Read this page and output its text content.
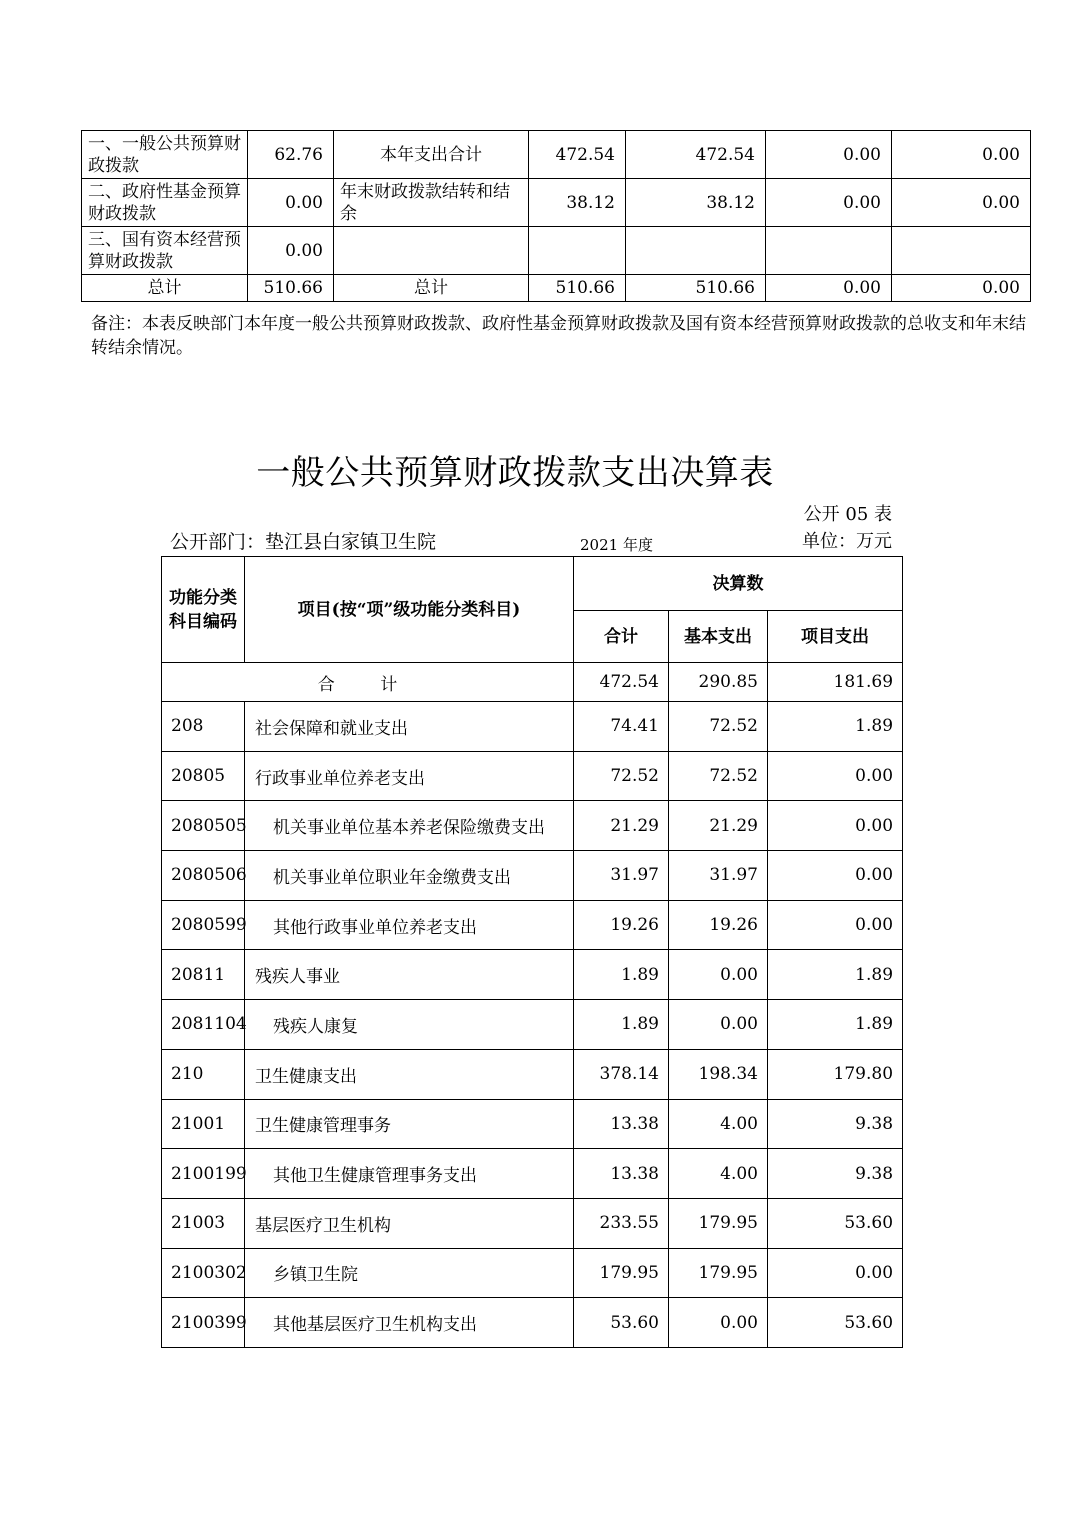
一、一般公共预算财政拨款	62.76	本年支出合计	472.54	472.54	0.00	0.00
二、政府性基金预算财政拨款	0.00	年末财政拨款结转和结余	38.12	38.12	0.00	0.00
三、国有资本经营预算财政拨款	0.00					
总计	510.66	总计	510.66	510.66	0.00	0.00
备注：本表反映部门本年度一般公共预算财政拨款、政府性基金预算财政拨款及国有资本经营预算财政拨款的总收支和年末结转结余情况。
一般公共预算财政拨款支出决算表
公开 05 表
公开部门：垫江县白家镇卫生院	2021 年度	单位：万元
功能分类科目编码	项目(按“项”级功能分类科目)	决算数		
		合计	基本支出	项目支出
合 计		472.54	290.85	181.69
208	社会保障和就业支出	74.41	72.52	1.89
20805	行政事业单位养老支出	72.52	72.52	0.00
2080505	机关事业单位基本养老保险缴费支出	21.29	21.29	0.00
2080506	机关事业单位职业年金缴费支出	31.97	31.97	0.00
2080599	其他行政事业单位养老支出	19.26	19.26	0.00
20811	残疾人事业	1.89	0.00	1.89
2081104	残疾人康复	1.89	0.00	1.89
210	卫生健康支出	378.14	198.34	179.80
21001	卫生健康管理事务	13.38	4.00	9.38
2100199	其他卫生健康管理事务支出	13.38	4.00	9.38
21003	基层医疗卫生机构	233.55	179.95	53.60
2100302	乡镇卫生院	179.95	179.95	0.00
2100399	其他基层医疗卫生机构支出	53.60	0.00	53.60
